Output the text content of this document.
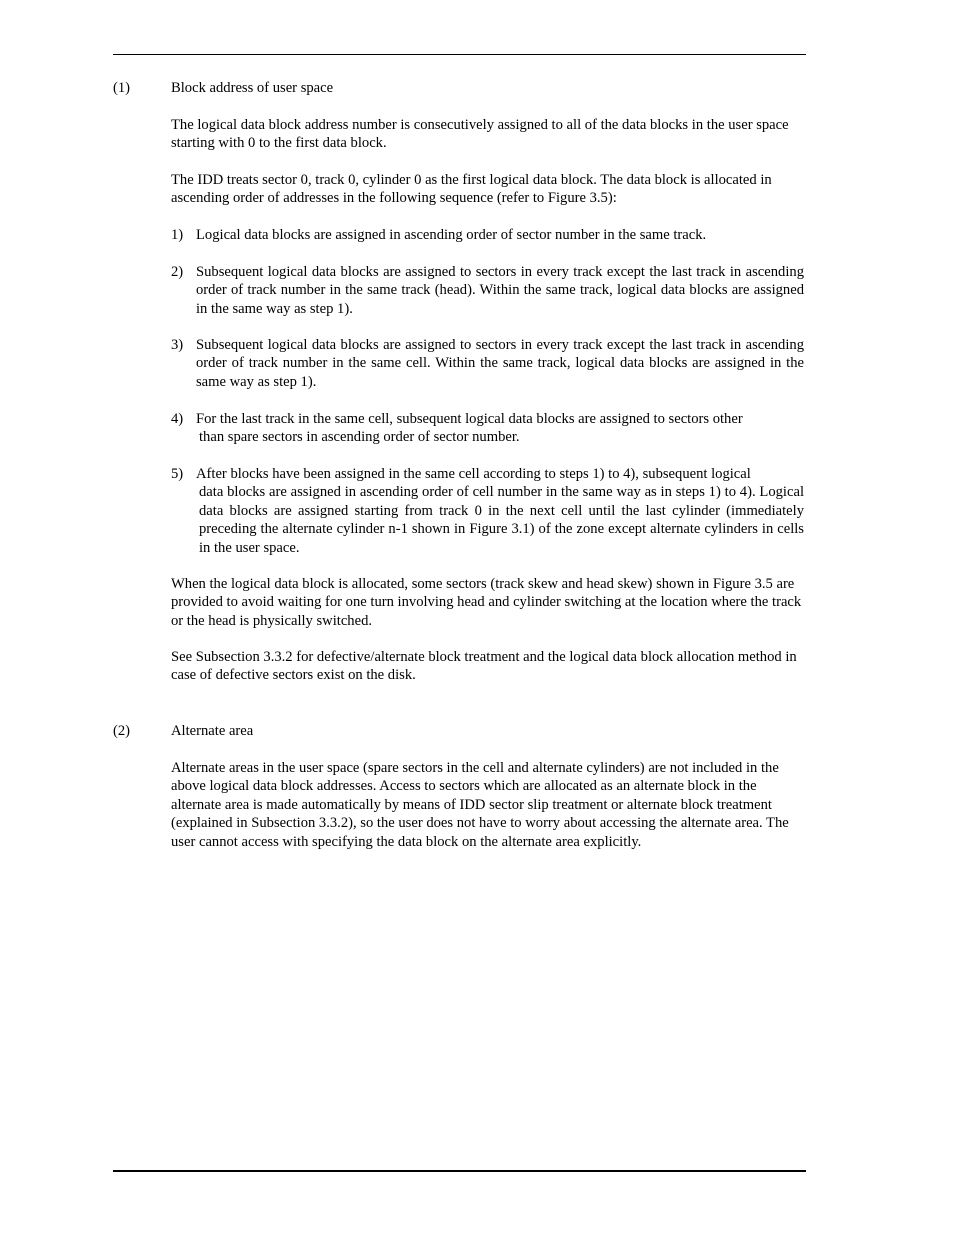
(1)	Block address of user space

The logical data block address number is consecutively assigned to all of the data blocks in the user space starting with 0 to the first data block.

The IDD treats sector 0, track 0, cylinder 0 as the first logical data block. The data block is allocated in ascending order of addresses in the following sequence (refer to Figure 3.5):

1) Logical data blocks are assigned in ascending order of sector number in the same track.
2) Subsequent logical data blocks are assigned to sectors in every track except the last track in ascending order of track number in the same track (head). Within the same track, logical data blocks are assigned in the same way as step 1).
3) Subsequent logical data blocks are assigned to sectors in every track except the last track in ascending order of track number in the same cell. Within the same track, logical data blocks are assigned in the same way as step 1).
4) For the last track in the same cell, subsequent logical data blocks are assigned to sectors other
than spare sectors in ascending order of sector number.
5) After blocks have been assigned in the same cell according to steps 1) to 4), subsequent logical
data blocks are assigned in ascending order of cell number in the same way as in steps 1) to 4). Logical data blocks are assigned starting from track 0 in the next cell until the last cylinder (immediately preceding the alternate cylinder n-1 shown in Figure 3.1) of the zone except alternate cylinders in cells in the user space.

When the logical data block is allocated, some sectors (track skew and head skew) shown in Figure 3.5 are provided to avoid waiting for one turn involving head and cylinder switching at the location where the track or the head is physically switched.

See Subsection 3.3.2 for defective/alternate block treatment and the logical data block allocation method in case of defective sectors exist on the disk.

(2)	Alternate area

Alternate areas in the user space (spare sectors in the cell and alternate cylinders) are not included in the above logical data block addresses. Access to sectors which are allocated as an alternate block in the alternate area is made automatically by means of IDD sector slip treatment or alternate block treatment (explained in Subsection 3.3.2), so the user does not have to worry about accessing the alternate area. The user cannot access with specifying the data block on the alternate area explicitly.
